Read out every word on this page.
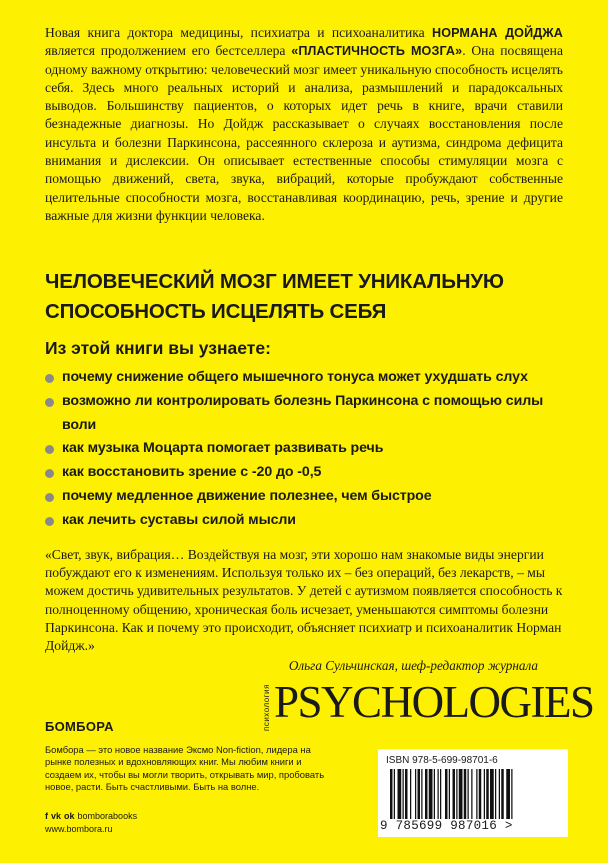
Новая книга доктора медицины, психиатра и психоаналитика НОРМАНА ДОЙДЖА является продолжением его бестселлера «ПЛАСТИЧНОСТЬ МОЗГА». Она посвящена одному важному открытию: человеческий мозг имеет уникальную способность исцелять себя. Здесь много реальных историй и анализа, размышлений и парадоксальных выводов. Большинству пациентов, о которых идет речь в книге, врачи ставили безнадежные диагнозы. Но Дойдж рассказывает о случаях восстановления после инсульта и болезни Паркинсона, рассеянного склероза и аутизма, синдрома дефицита внимания и дислексии. Он описывает естественные способы стимуляции мозга с помощью движений, света, звука, вибраций, которые пробуждают собственные целительные способности мозга, восстанавливая координацию, речь, зрение и другие важные для жизни функции человека.
ЧЕЛОВЕЧЕСКИЙ МОЗГ ИМЕЕТ УНИКАЛЬНУЮ
СПОСОБНОСТЬ ИСЦЕЛЯТЬ СЕБЯ
Из этой книги вы узнаете:
почему снижение общего мышечного тонуса может ухудшать слух
возможно ли контролировать болезнь Паркинсона с помощью силы воли
как музыка Моцарта помогает развивать речь
как восстановить зрение с -20 до -0,5
почему медленное движение полезнее, чем быстрое
как лечить суставы силой мысли
«Свет, звук, вибрация… Воздействуя на мозг, эти хорошо нам знакомые виды энергии побуждают его к изменениям. Используя только их – без операций, без лекарств, – мы можем достичь удивительных результатов. У детей с аутизмом появляется способность к полноценному общению, хроническая боль исчезает, уменьшаются симптомы болезни Паркинсона. Как и почему это происходит, объясняет психиатр и психоаналитик Норман Дойдж.»
Ольга Сульчинская, шеф-редактор журнала
психология PSYCHOLOGIES
БОМБОРА
Бомбора — это новое название Эксмо Non-fiction, лидера на рынке полезных и вдохновляющих книг. Мы любим книги и создаем их, чтобы вы могли творить, открывать мир, пробовать новое, расти. Быть счастливыми. Быть на волне.
f vk ok bomborabooks
www.bombora.ru
ISBN 978-5-699-98701-6
9 785699 987016 >
